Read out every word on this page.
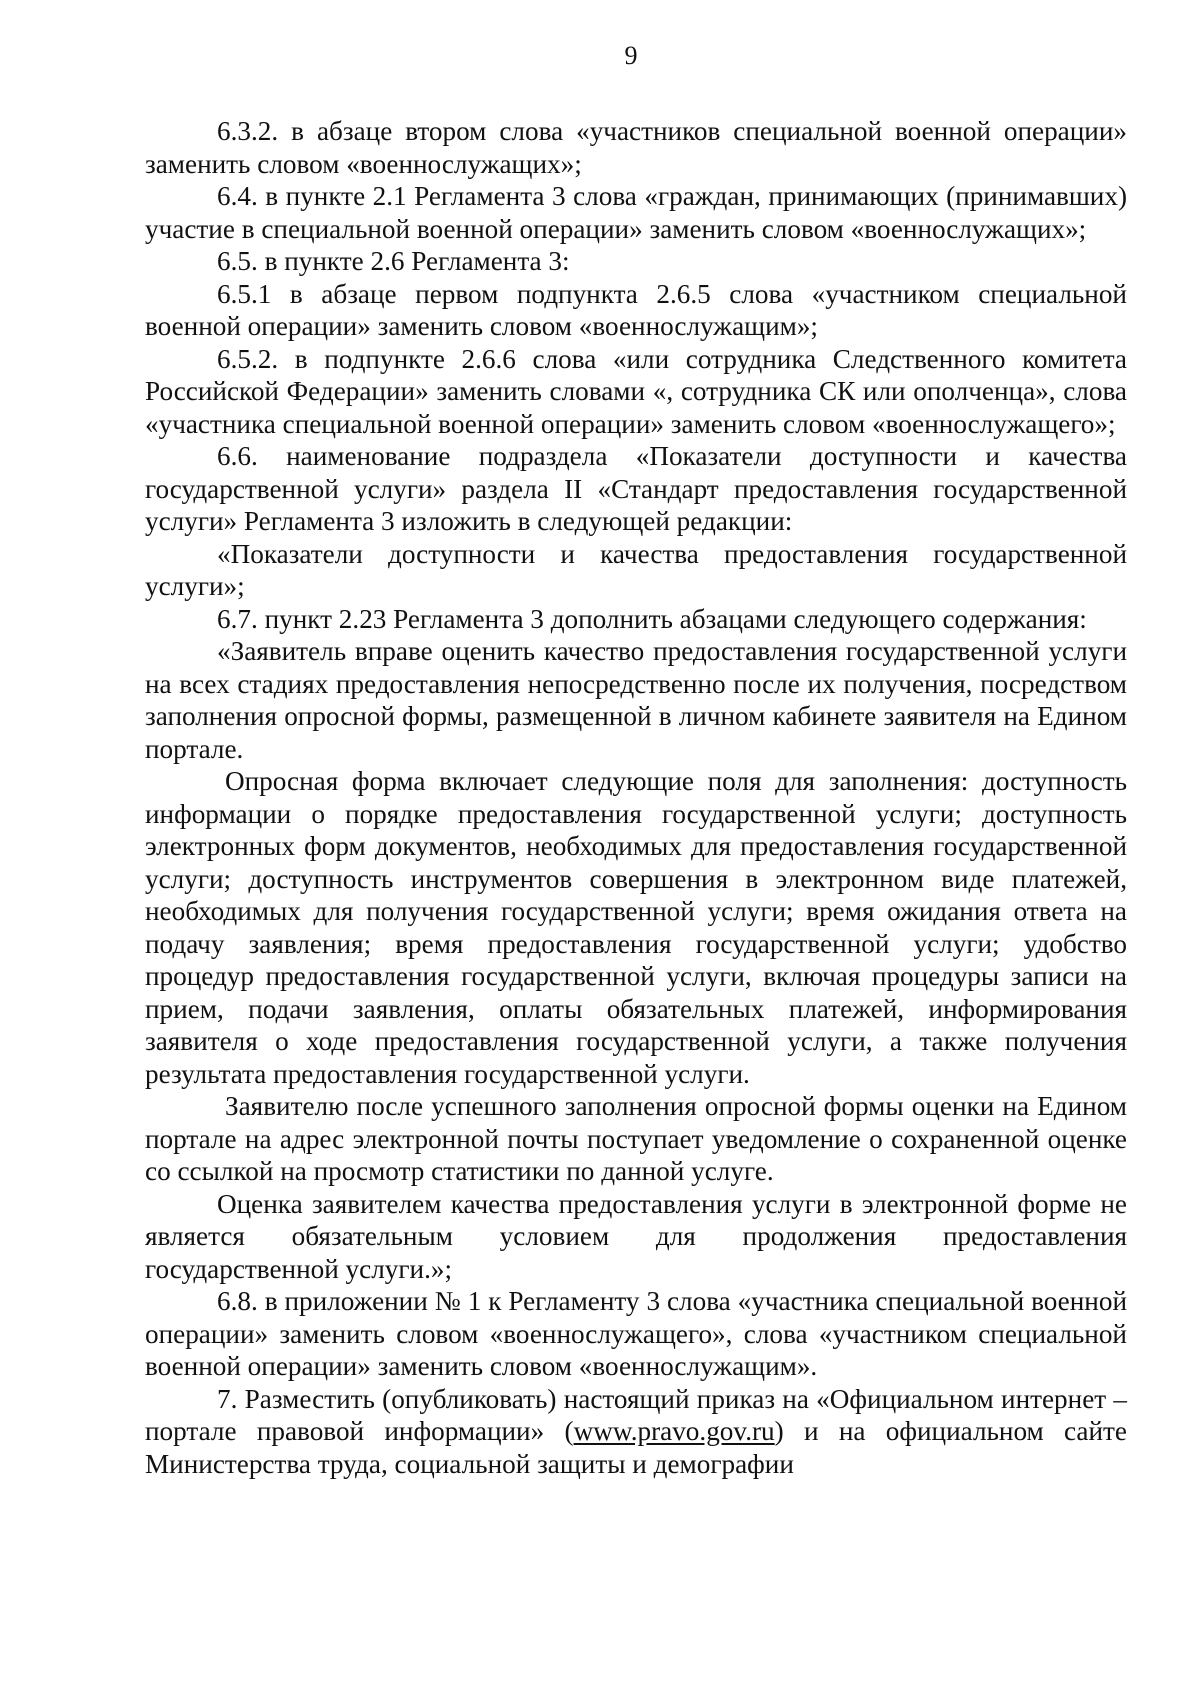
9

6.3.2. в абзаце втором слова «участников специальной военной операции» заменить словом «военнослужащих»;

6.4. в пункте 2.1 Регламента 3 слова «граждан, принимающих (принимавших) участие в специальной военной операции» заменить словом «военнослужащих»;

6.5. в пункте 2.6 Регламента 3:

6.5.1 в абзаце первом подпункта 2.6.5 слова «участником специальной военной операции» заменить словом «военнослужащим»;

6.5.2. в подпункте 2.6.6 слова «или сотрудника Следственного комитета Российской Федерации» заменить словами «, сотрудника СК или ополченца», слова «участника специальной военной операции» заменить словом «военнослужащего»;

6.6. наименование подраздела «Показатели доступности и качества государственной услуги» раздела II «Стандарт предоставления государственной услуги» Регламента 3 изложить в следующей редакции:

«Показатели доступности и качества предоставления государственной услуги»;

6.7. пункт 2.23 Регламента 3 дополнить абзацами следующего содержания:

«Заявитель вправе оценить качество предоставления государственной услуги на всех стадиях предоставления непосредственно после их получения, посредством заполнения опросной формы, размещенной в личном кабинете заявителя на Едином портале.

Опросная форма включает следующие поля для заполнения: доступность информации о порядке предоставления государственной услуги; доступность электронных форм документов, необходимых для предоставления государственной услуги; доступность инструментов совершения в электронном виде платежей, необходимых для получения государственной услуги; время ожидания ответа на подачу заявления; время предоставления государственной услуги; удобство процедур предоставления государственной услуги, включая процедуры записи на прием, подачи заявления, оплаты обязательных платежей, информирования заявителя о ходе предоставления государственной услуги, а также получения результата предоставления государственной услуги.

Заявителю после успешного заполнения опросной формы оценки на Едином портале на адрес электронной почты поступает уведомление о сохраненной оценке со ссылкой на просмотр статистики по данной услуге.

Оценка заявителем качества предоставления услуги в электронной форме не является обязательным условием для продолжения предоставления государственной услуги.»;

6.8. в приложении № 1 к Регламенту 3 слова «участника специальной военной операции» заменить словом «военнослужащего», слова «участником специальной военной операции» заменить словом «военнослужащим».

7. Разместить (опубликовать) настоящий приказ на «Официальном интернет – портале правовой информации» (www.pravo.gov.ru) и на официальном сайте Министерства труда, социальной защиты и демографии
